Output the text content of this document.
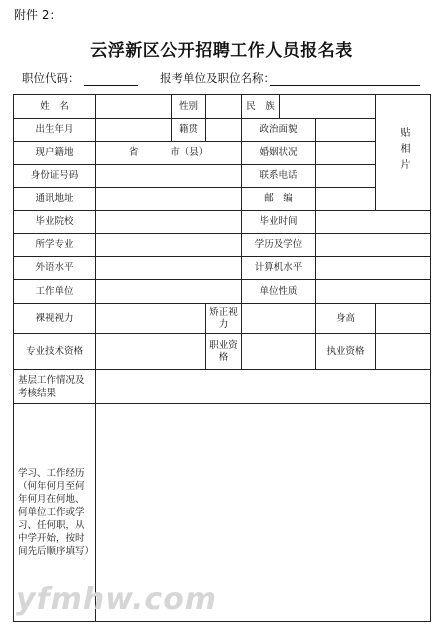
附件 2：
云浮新区公开招聘工作人员报名表
职位代码：	报考单位及职位名称：
姓　名		性别		民　族			贴相片
出生年月		籍贯		政治面貌			
现户籍地	省 市（县）			婚姻状况			
身份证号码				联系电话			
通讯地址				邮　编			
毕业院校				毕业时间			
所学专业				学历及学位			
外语水平				计算机水平			
工作单位				单位性质			
裸视视力			矫正视力			身高	
专业技术资格			职业资格			执业资格	
基层工作情况及考核结果							
学习、工作经历（何年何月至何年何月在何地、何单位工作或学习、任何职，从中学开始，按时间先后顺序填写）							
yfmhw.com
